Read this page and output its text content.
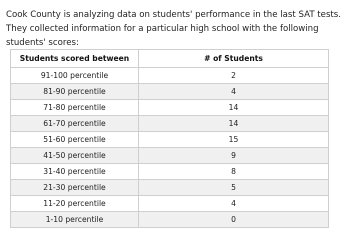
Cook County is analyzing data on students' performance in the last SAT tests. They collected information for a particular high school with the following students' scores:

Students scored between	# of Students
91-100 percentile	2
81-90 percentile	4
71-80 percentile	14
61-70 percentile	14
51-60 percentile	15
41-50 percentile	9
31-40 percentile	8
21-30 percentile	5
11-20 percentile	4
1-10 percentile	0
